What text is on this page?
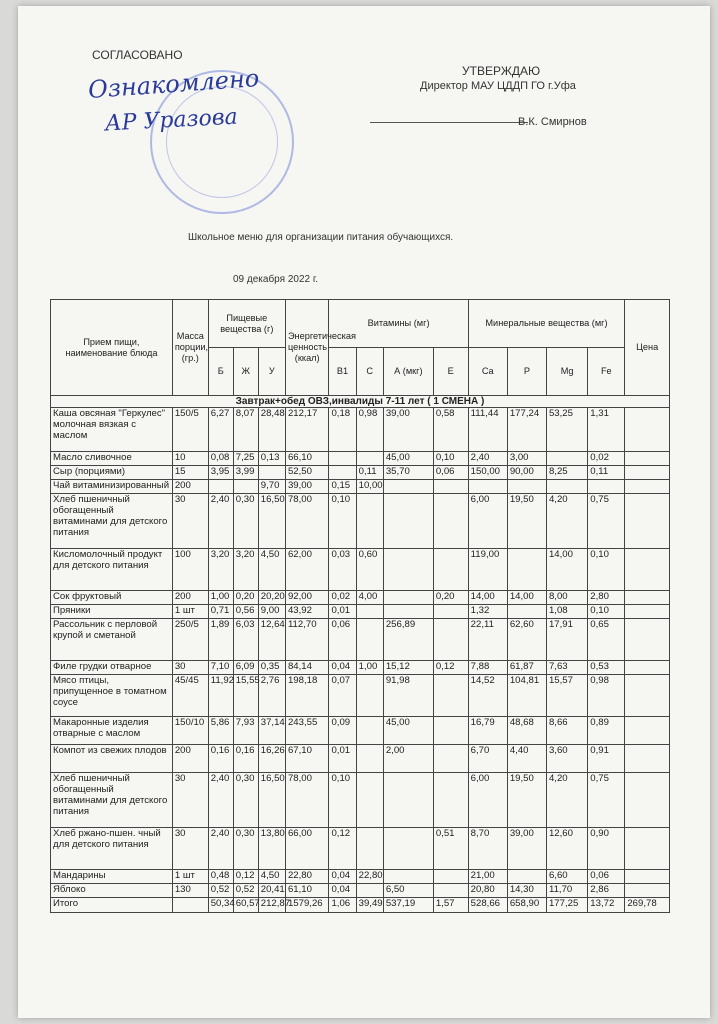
СОГЛАСОВАНО
Ознакомлено
АР Уразова
УТВЕРЖДАЮ
Директор МАУ ЦДДП ГО г.Уфа
В.К. Смирнов
Школьное меню для организации питания обучающихся.
09 декабря 2022 г.
Прием пищи, наименование блюда	Масса порции, (гр.)	Пищевые вещества (г)			Энергетическая ценность (ккал)	Витамины (мг)				Минеральные вещества (мг)				Цена
		Б	Ж	У		B1	C	А (мкг)	E	Ca	P	Mg	Fe	
Завтрак+обед ОВЗ,инвалиды 7-11 лет ( 1 СМЕНА )														
Каша овсяная "Геркулес" молочная вязкая с маслом	150/5	6,27	8,07	28,48	212,17	0,18	0,98	39,00	0,58	111,44	177,24	53,25	1,31	
Масло сливочное	10	0,08	7,25	0,13	66,10			45,00	0,10	2,40	3,00		0,02	
Сыр (порциями)	15	3,95	3,99		52,50		0,11	35,70	0,06	150,00	90,00	8,25	0,11	
Чай витаминизированный	200			9,70	39,00	0,15	10,00							
Хлеб пшеничный обогащенный витаминами для детского питания	30	2,40	0,30	16,50	78,00	0,10				6,00	19,50	4,20	0,75	
Кисломолочный продукт для детского питания	100	3,20	3,20	4,50	62,00	0,03	0,60			119,00		14,00	0,10	
Сок фруктовый	200	1,00	0,20	20,20	92,00	0,02	4,00		0,20	14,00	14,00	8,00	2,80	
Пряники	1 шт	0,71	0,56	9,00	43,92	0,01				1,32		1,08	0,10	
Рассольник с перловой крупой и сметаной	250/5	1,89	6,03	12,64	112,70	0,06		256,89		22,11	62,60	17,91	0,65	
Филе грудки отварное	30	7,10	6,09	0,35	84,14	0,04	1,00	15,12	0,12	7,88	61,87	7,63	0,53	
Мясо птицы, припущенное в томатном соусе	45/45	11,92	15,55	2,76	198,18	0,07		91,98		14,52	104,81	15,57	0,98	
Макаронные изделия отварные с маслом	150/10	5,86	7,93	37,14	243,55	0,09		45,00		16,79	48,68	8,66	0,89	
Компот из свежих плодов	200	0,16	0,16	16,26	67,10	0,01		2,00		6,70	4,40	3,60	0,91	
Хлеб пшеничный обогащенный витаминами для детского питания	30	2,40	0,30	16,50	78,00	0,10				6,00	19,50	4,20	0,75	
Хлеб ржано-пшен. чный для детского питания	30	2,40	0,30	13,80	66,00	0,12			0,51	8,70	39,00	12,60	0,90	
Мандарины	1 шт	0,48	0,12	4,50	22,80	0,04	22,80			21,00		6,60	0,06	
Яблоко	130	0,52	0,52	20,41	61,10	0,04		6,50		20,80	14,30	11,70	2,86	
Итого		50,34	60,57	212,87	1579,26	1,06	39,49	537,19	1,57	528,66	658,90	177,25	13,72	269,78
